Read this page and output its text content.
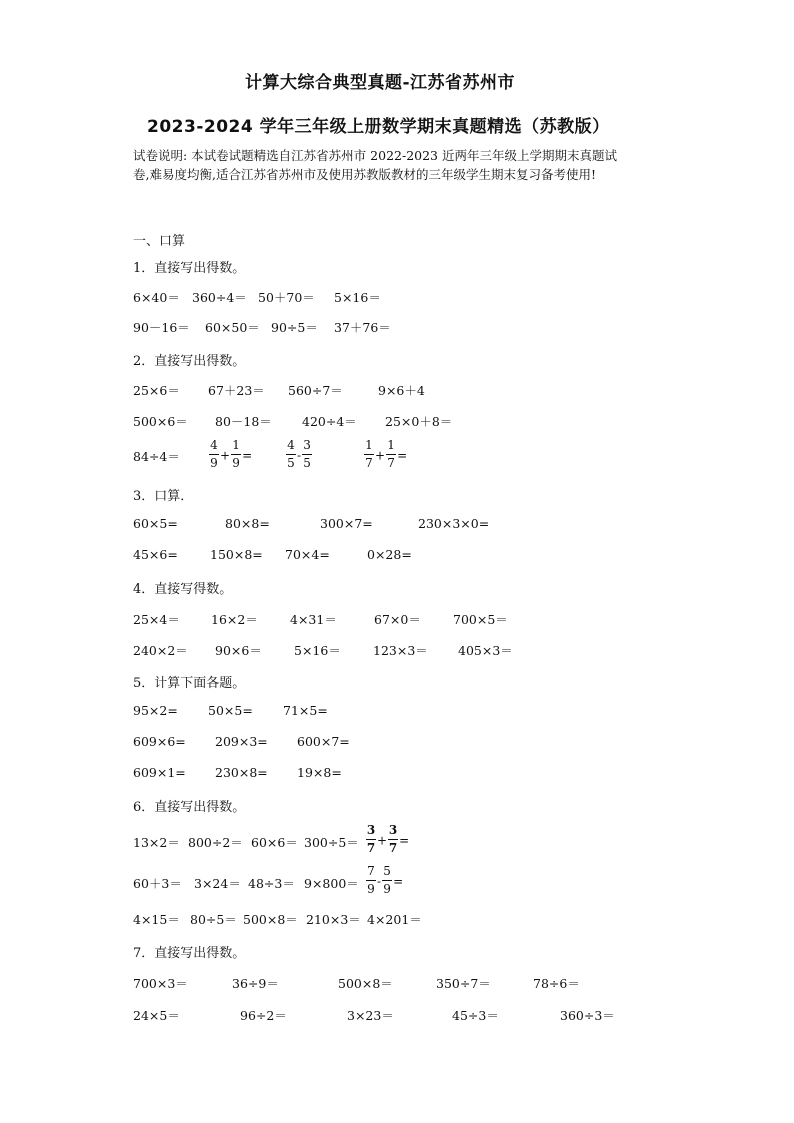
计算大综合典型真题-江苏省苏州市
2023-2024 学年三年级上册数学期末真题精选（苏教版）
试卷说明: 本试卷试题精选自江苏省苏州市 2022-2023 近两年三年级上学期期末真题试
卷,难易度均衡,适合江苏省苏州市及使用苏教版教材的三年级学生期末复习备考使用!
一、口算
1．直接写出得数。
6×40＝ 360÷4＝ 50＋70＝ 5×16＝
90－16＝ 60×50＝ 90÷5＝ 37＋76＝
2．直接写出得数。
25×6＝ 67＋23＝ 560÷7＝	9×6＋4
500×6＝ 80－18＝ 420÷4＝ 25×0＋8＝
$84\div 4= \frac{4}{9} + \frac{1}{9}$ =	$\frac{4}{5} - \frac{3}{5}$	$\frac{1}{7} + \frac{1}{7}$ =
3．口算．
60×5=	80×8=	300×7=	230×3×0=
45×6=	150×8= 70×4=	0×28=
4．直接写得数。
25×4＝ 16×2＝	4×31＝	67×0＝	700×5＝
240×2＝ 90×6＝	5×16＝	123×3＝ 405×3＝
5．计算下面各题。
95×2= 50×5= 71×5=
609×6= 209×3= 600×7=
609×1= 230×8= 19×8=
6．直接写出得数。
$13\times 2= 800\div 2= 60\times 6= 300\div 5= \frac{3}{7} + \frac{3}{7}$ =
$60+3= 3\times 24= 48\div 3= 9\times 800= \frac{7}{9} - \frac{5}{9}$ =
4×15＝ 80÷5＝ 500×8＝ 210×3＝ 4×201＝
7．直接写出得数。
700×3＝	36÷9＝	500×8＝	350÷7＝	78÷6＝
24×5＝	96÷2＝	3×23＝	45÷3＝	360÷3＝
